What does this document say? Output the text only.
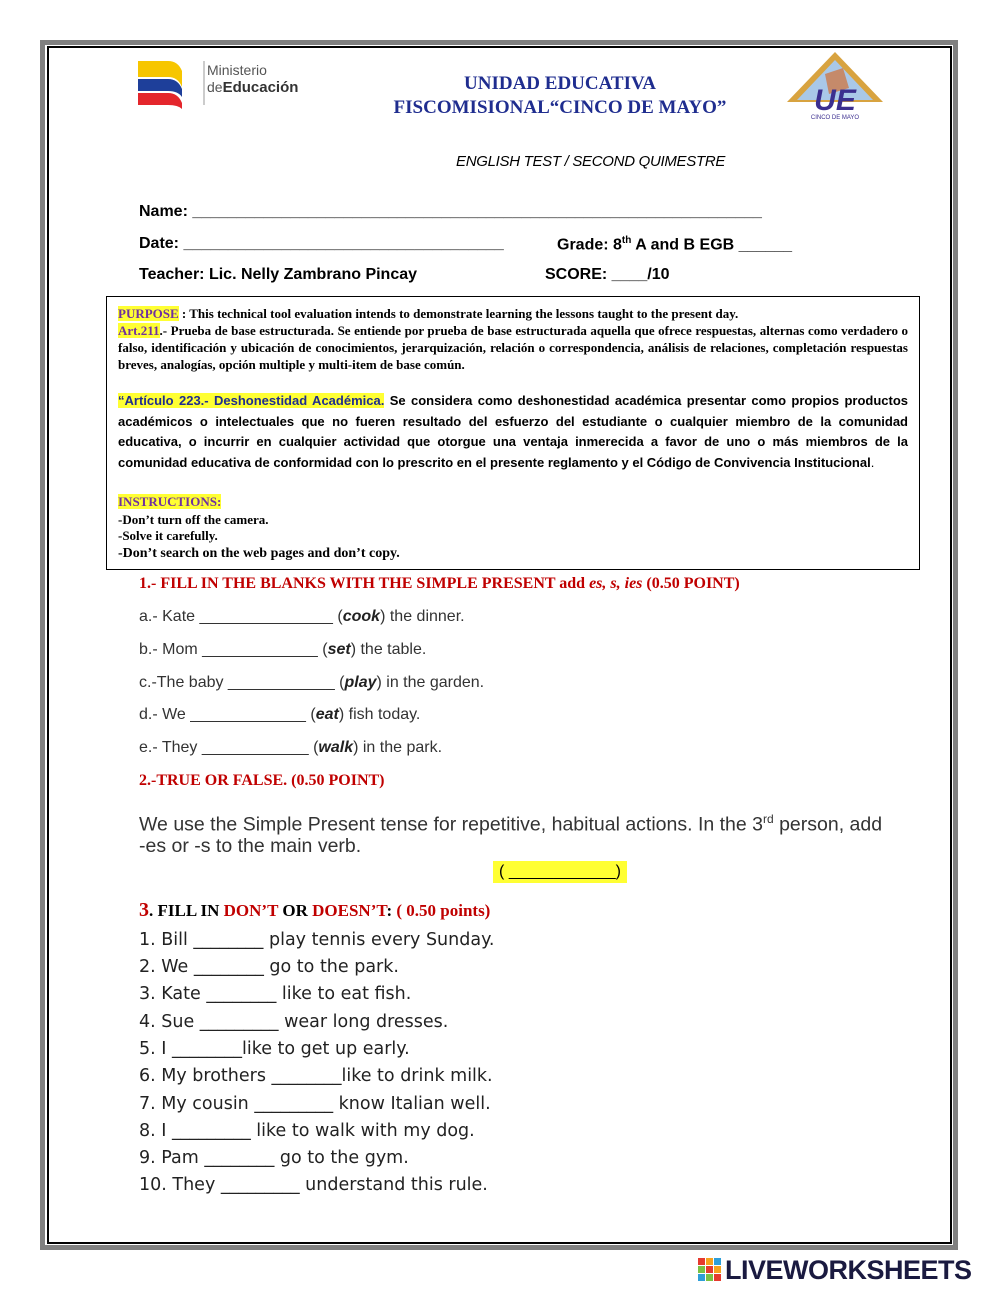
Ministerio
deEducación	UNIDAD EDUCATIVA
FISCOMISIONAL“CINCO DE MAYO”	UE
CINCO DE MAYO
ENGLISH TEST / SECOND QUIMESTRE
Name: ________________________________________________________________
Date: ____________________________________	Grade: 8th A and B EGB ______
Teacher: Lic. Nelly Zambrano Pincay	SCORE: ____/10
PURPOSE : This technical tool evaluation intends to demonstrate learning the lessons taught to the present day.
Art.211.- Prueba de base estructurada. Se entiende por prueba de base estructurada aquella que ofrece respuestas, alternas como verdadero o falso, identificación y ubicación de conocimientos, jerarquización, relación o correspondencia, análisis de relaciones, completación respuestas breves, analogías, opción multiple y multi-item de base común.
“Artículo 223.- Deshonestidad Académica. Se considera como deshonestidad académica presentar como propios productos académicos o intelectuales que no fueren resultado del esfuerzo del estudiante o cualquier miembro de la comunidad educativa, o incurrir en cualquier actividad que otorgue una ventaja inmerecida a favor de uno o más miembros de la comunidad educativa de conformidad con lo prescrito en el presente reglamento y el Código de Convivencia Institucional.
INSTRUCTIONS:
-Don’t turn off the camera.
-Solve it carefully.
-Don’t search on the web pages and don’t copy.
1.- FILL IN THE BLANKS WITH THE SIMPLE PRESENT add es, s, ies (0.50 POINT)
a.- Kate _______________ (cook) the dinner.
b.- Mom _____________ (set) the table.
c.-The baby ____________ (play) in the garden.
d.- We _____________ (eat) fish today.
e.- They ____________ (walk) in the park.
2.-TRUE OR FALSE. (0.50 POINT)
We use the Simple Present tense for repetitive, habitual actions. In the 3rd person, add
-es or -s to the main verb.
( ____________)
3. FILL IN DON’T OR DOESN’T: ( 0.50 points)
1. Bill ________ play tennis every Sunday.
2. We ________ go to the park.
3. Kate ________ like to eat fish.
4. Sue _________ wear long dresses.
5. I ________like to get up early.
6. My brothers ________like to drink milk.
7. My cousin _________ know Italian well.
8. I _________ like to walk with my dog.
9. Pam ________ go to the gym.
10. They _________ understand this rule.
LIVEWORKSHEETS
